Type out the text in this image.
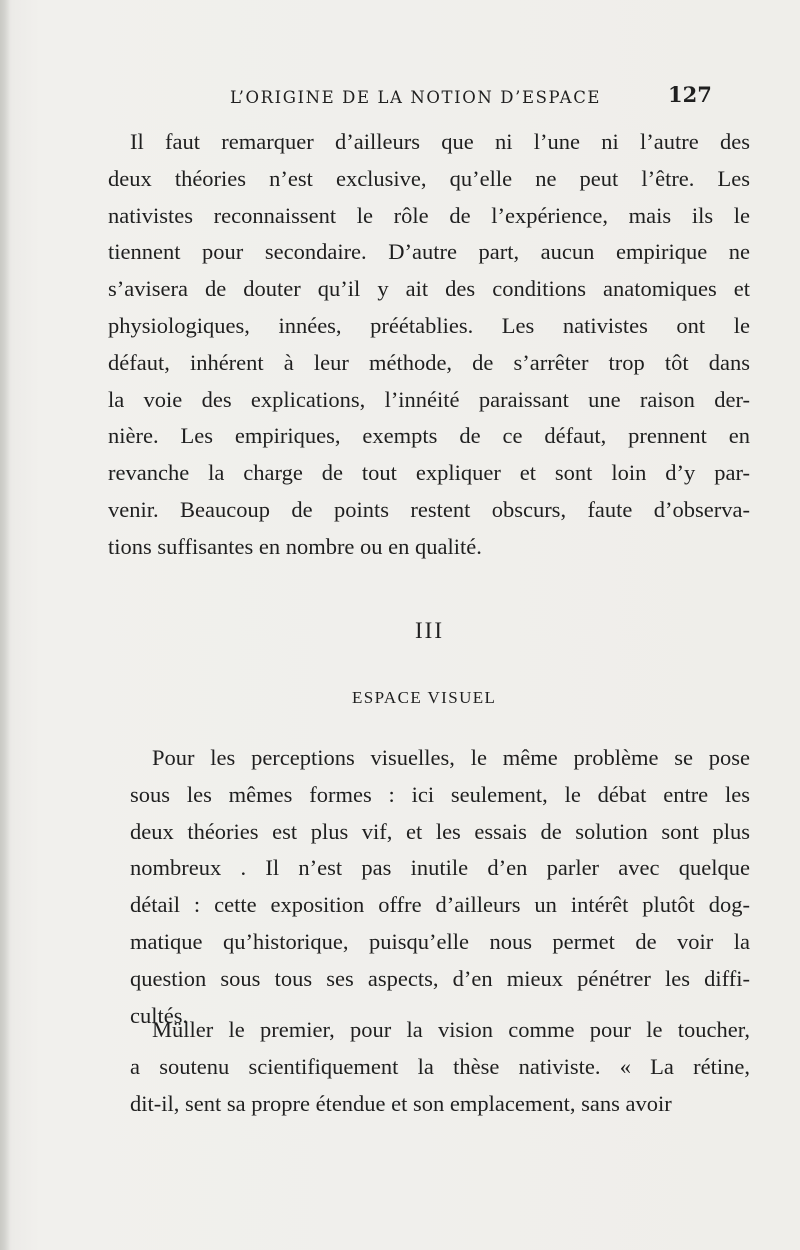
L’ORIGINE DE LA NOTION D’ESPACE	127
Il faut remarquer d’ailleurs que ni l’une ni l’autre des
deux théories n’est exclusive, qu’elle ne peut l’être. Les
nativistes reconnaissent le rôle de l’expérience, mais ils le
tiennent pour secondaire. D’autre part, aucun empirique ne
s’avisera de douter qu’il y ait des conditions anatomiques et
physiologiques, innées, préétablies. Les nativistes ont le
défaut, inhérent à leur méthode, de s’arrêter trop tôt dans
la voie des explications, l’innéité paraissant une raison der-
nière. Les empiriques, exempts de ce défaut, prennent en
revanche la charge de tout expliquer et sont loin d’y par-
venir. Beaucoup de points restent obscurs, faute d’observa-
tions suffisantes en nombre ou en qualité.
III
ESPACE VISUEL
Pour les perceptions visuelles, le même problème se pose
sous les mêmes formes : ici seulement, le débat entre les
deux théories est plus vif, et les essais de solution sont plus
nombreux . Il n’est pas inutile d’en parler avec quelque
détail : cette exposition offre d’ailleurs un intérêt plutôt dog-
matique qu’historique, puisqu’elle nous permet de voir la
question sous tous ses aspects, d’en mieux pénétrer les diffi-
cultés.
Müller le premier, pour la vision comme pour le toucher,
a soutenu scientifiquement la thèse nativiste. « La rétine,
dit-il, sent sa propre étendue et son emplacement, sans avoir
